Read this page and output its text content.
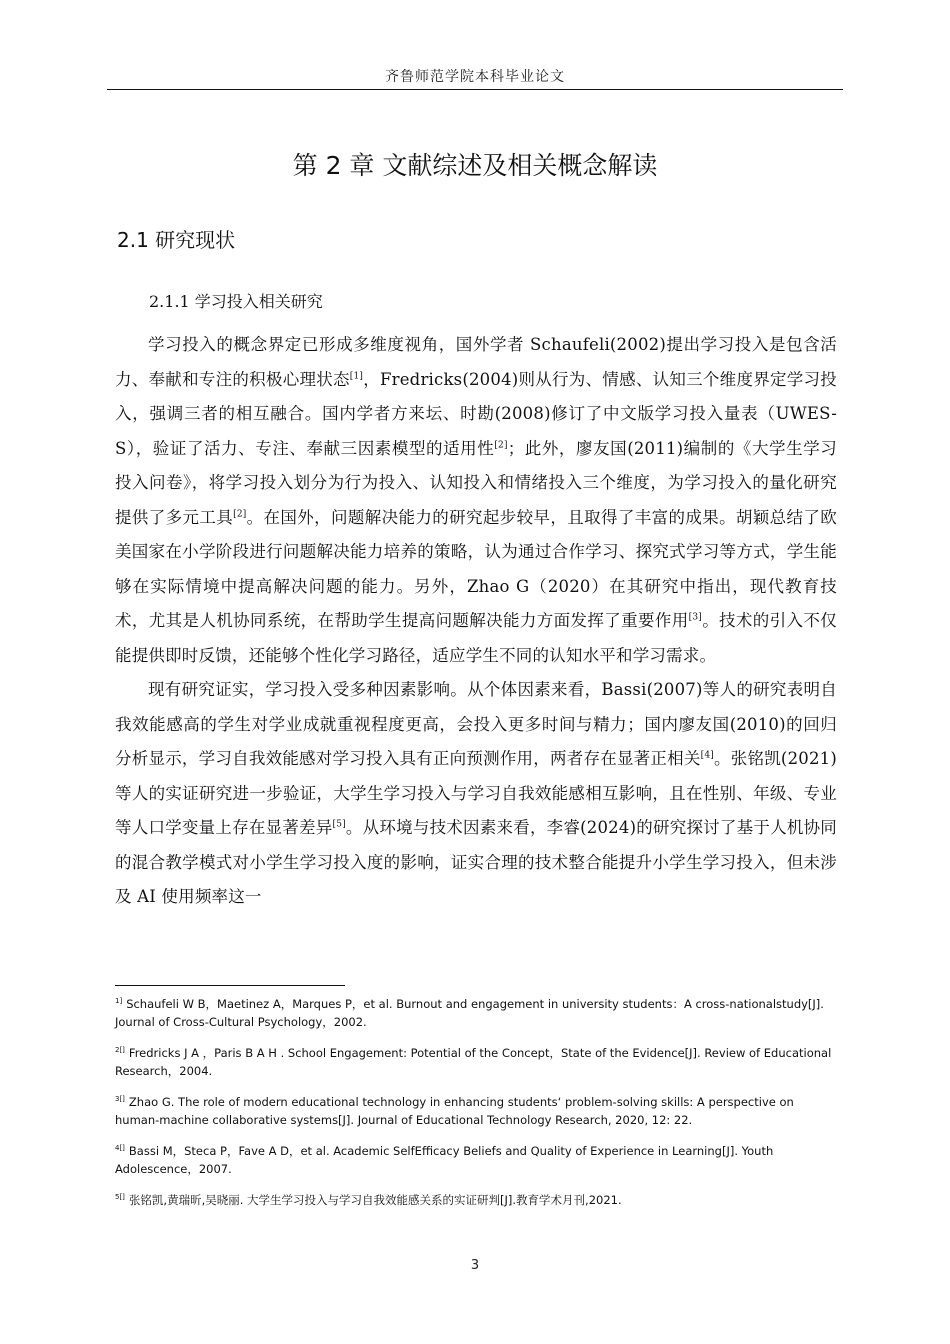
齐鲁师范学院本科毕业论文
第 2 章 文献综述及相关概念解读
2.1 研究现状
2.1.1 学习投入相关研究

学习投入的概念界定已形成多维度视角，国外学者 Schaufeli(2002)提出学习投入是包含活力、奉献和专注的积极心理状态[1]，Fredricks(2004)则从行为、情感、认知三个维度界定学习投入，强调三者的相互融合。国内学者方来坛、时勘(2008)修订了中文版学习投入量表（UWES-S），验证了活力、专注、奉献三因素模型的适用性[2]；此外，廖友国(2011)编制的《大学生学习投入问卷》，将学习投入划分为行为投入、认知投入和情绪投入三个维度，为学习投入的量化研究提供了多元工具[2]。在国外，问题解决能力的研究起步较早，且取得了丰富的成果。胡颖总结了欧美国家在小学阶段进行问题解决能力培养的策略，认为通过合作学习、探究式学习等方式，学生能够在实际情境中提高解决问题的能力。另外，Zhao G（2020）在其研究中指出，现代教育技术，尤其是人机协同系统，在帮助学生提高问题解决能力方面发挥了重要作用[3]。技术的引入不仅能提供即时反馈，还能够个性化学习路径，适应学生不同的认知水平和学习需求。

现有研究证实，学习投入受多种因素影响。从个体因素来看，Bassi(2007)等人的研究表明自我效能感高的学生对学业成就重视程度更高，会投入更多时间与精力；国内廖友国(2010)的回归分析显示，学习自我效能感对学习投入具有正向预测作用，两者存在显著正相关[4]。张铭凯(2021)等人的实证研究进一步验证，大学生学习投入与学习自我效能感相互影响，且在性别、年级、专业等人口学变量上存在显著差异[5]。从环境与技术因素来看，李睿(2024)的研究探讨了基于人机协同的混合教学模式对小学生学习投入度的影响，证实合理的技术整合能提升小学生学习投入，但未涉及 AI 使用频率这一

$^{1]}$ Schaufeli W B，Maetinez A，Marques P，et al. Burnout and engagement in university students：A cross-nationalstudy[J]. Journal of Cross-Cultural Psychology，2002.
$^{2[]}$ Fredricks J A ，Paris B A H . School Engagement: Potential of the Concept，State of the Evidence[J]. Review of Educational Research，2004.
$^{3[]}$ Zhao G. The role of modern educational technology in enhancing students‘ problem-solving skills: A perspective on human-machine collaborative systems[J]. Journal of Educational Technology Research, 2020, 12: 22.
$^{4[]}$ Bassi M，Steca P，Fave A D，et al. Academic SelfEfficacy Beliefs and Quality of Experience in Learning[J]. Youth Adolescence，2007.
$^{5[]}$ 张铭凯,黄瑞昕,吴晓丽. 大学生学习投入与学习自我效能感关系的实证研判[J].教育学术月刊,2021.
3
